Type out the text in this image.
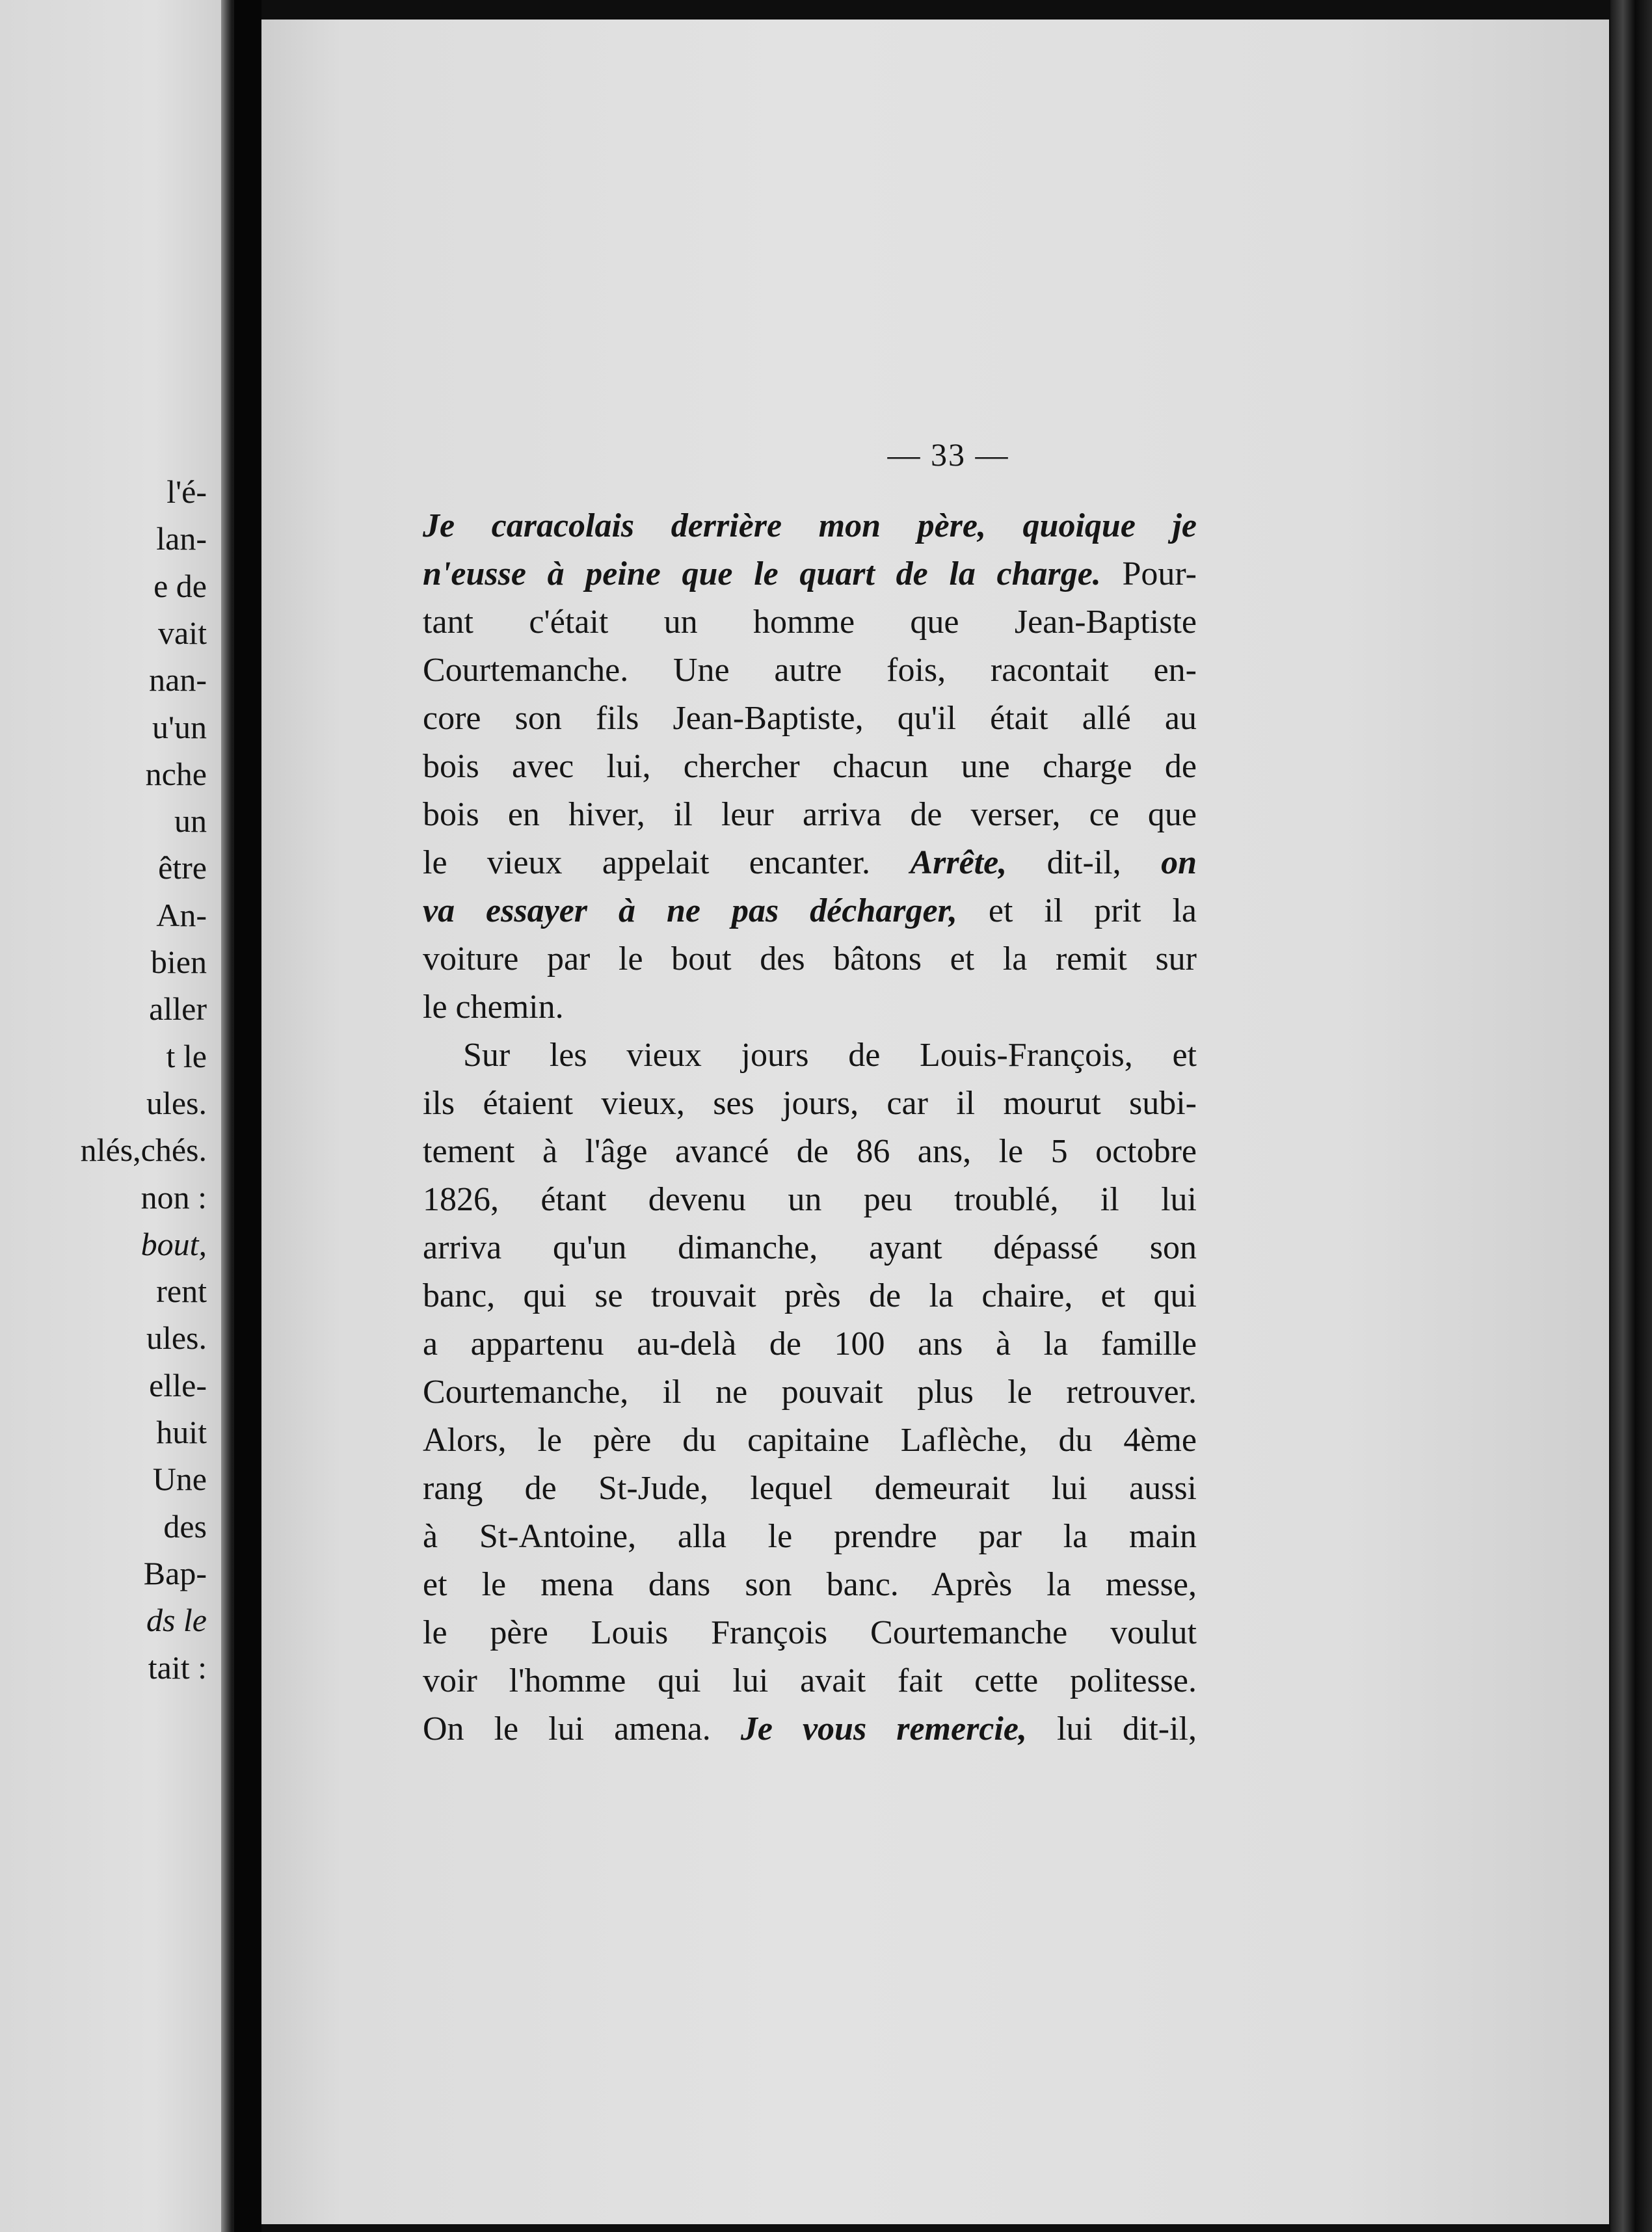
l'é-
lan-
e de
vait
nan-
u'un
nche
un
être
An-
bien
aller
t le
ules.
nlés,chés.
non :
bout,
rent
ules.
elle-
huit
Une
des
Bap-
ds le
tait :
— 33 —
Je caracolais derrière mon père, quoique je
n'eusse à peine que le quart de la charge. Pour-
tant c'était un homme que Jean-Baptiste
Courtemanche. Une autre fois, racontait en-
core son fils Jean-Baptiste, qu'il était allé au
bois avec lui, chercher chacun une charge de
bois en hiver, il leur arriva de verser, ce que
le vieux appelait encanter. Arrête, dit-il, on
va essayer à ne pas décharger, et il prit la
voiture par le bout des bâtons et la remit sur
le chemin.
Sur les vieux jours de Louis-François, et
ils étaient vieux, ses jours, car il mourut subi-
tement à l'âge avancé de 86 ans, le 5 octobre
1826, étant devenu un peu troublé, il lui
arriva qu'un dimanche, ayant dépassé son
banc, qui se trouvait près de la chaire, et qui
a appartenu au-delà de 100 ans à la famille
Courtemanche, il ne pouvait plus le retrouver.
Alors, le père du capitaine Laflèche, du 4ème
rang de St-Jude, lequel demeurait lui aussi
à St-Antoine, alla le prendre par la main
et le mena dans son banc. Après la messe,
le père Louis François Courtemanche voulut
voir l'homme qui lui avait fait cette politesse.
On le lui amena. Je vous remercie, lui dit-il,
